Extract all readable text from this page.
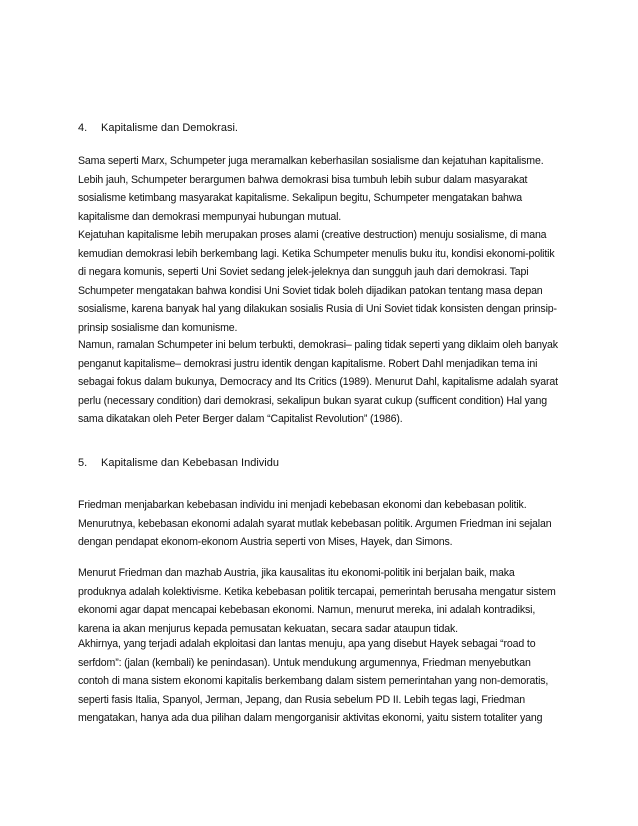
4. Kapitalisme dan Demokrasi.

Sama seperti Marx, Schumpeter juga meramalkan keberhasilan sosialisme dan kejatuhan kapitalisme. Lebih jauh, Schumpeter berargumen bahwa demokrasi bisa tumbuh lebih subur dalam masyarakat sosialisme ketimbang masyarakat kapitalisme. Sekalipun begitu, Schumpeter mengatakan bahwa kapitalisme dan demokrasi mempunyai hubungan mutual.

Kejatuhan kapitalisme lebih merupakan proses alami (creative destruction) menuju sosialisme, di mana kemudian demokrasi lebih berkembang lagi. Ketika Schumpeter menulis buku itu, kondisi ekonomi-politik di negara komunis, seperti Uni Soviet sedang jelek-jeleknya dan sungguh jauh dari demokrasi. Tapi Schumpeter mengatakan bahwa kondisi Uni Soviet tidak boleh dijadikan patokan tentang masa depan sosialisme, karena banyak hal yang dilakukan sosialis Rusia di Uni Soviet tidak konsisten dengan prinsip-prinsip sosialisme dan komunisme.

Namun, ramalan Schumpeter ini belum terbukti, demokrasi– paling tidak seperti yang diklaim oleh banyak penganut kapitalisme– demokrasi justru identik dengan kapitalisme. Robert Dahl menjadikan tema ini sebagai fokus dalam bukunya, Democracy and Its Critics (1989). Menurut Dahl, kapitalisme adalah syarat perlu (necessary condition) dari demokrasi, sekalipun bukan syarat cukup (sufficent condition) Hal yang sama dikatakan oleh Peter Berger dalam “Capitalist Revolution” (1986).

5. Kapitalisme dan Kebebasan Individu

Friedman menjabarkan kebebasan individu ini menjadi kebebasan ekonomi dan kebebasan politik. Menurutnya, kebebasan ekonomi adalah syarat mutlak kebebasan politik. Argumen Friedman ini sejalan dengan pendapat ekonom-ekonom Austria seperti von Mises, Hayek, dan Simons.

Menurut Friedman dan mazhab Austria, jika kausalitas itu ekonomi-politik ini berjalan baik, maka produknya adalah kolektivisme. Ketika kebebasan politik tercapai, pemerintah berusaha mengatur sistem ekonomi agar dapat mencapai kebebasan ekonomi. Namun, menurut mereka, ini adalah kontradiksi, karena ia akan menjurus kepada pemusatan kekuatan, secara sadar ataupun tidak.

Akhirnya, yang terjadi adalah ekploitasi dan lantas menuju, apa yang disebut Hayek sebagai “road to serfdom”: (jalan (kembali) ke penindasan). Untuk mendukung argumennya, Friedman menyebutkan contoh di mana sistem ekonomi kapitalis berkembang dalam sistem pemerintahan yang non-demoratis, seperti fasis Italia, Spanyol, Jerman, Jepang, dan Rusia sebelum PD II. Lebih tegas lagi, Friedman mengatakan, hanya ada dua pilihan dalam mengorganisir aktivitas ekonomi, yaitu sistem totaliter yang
